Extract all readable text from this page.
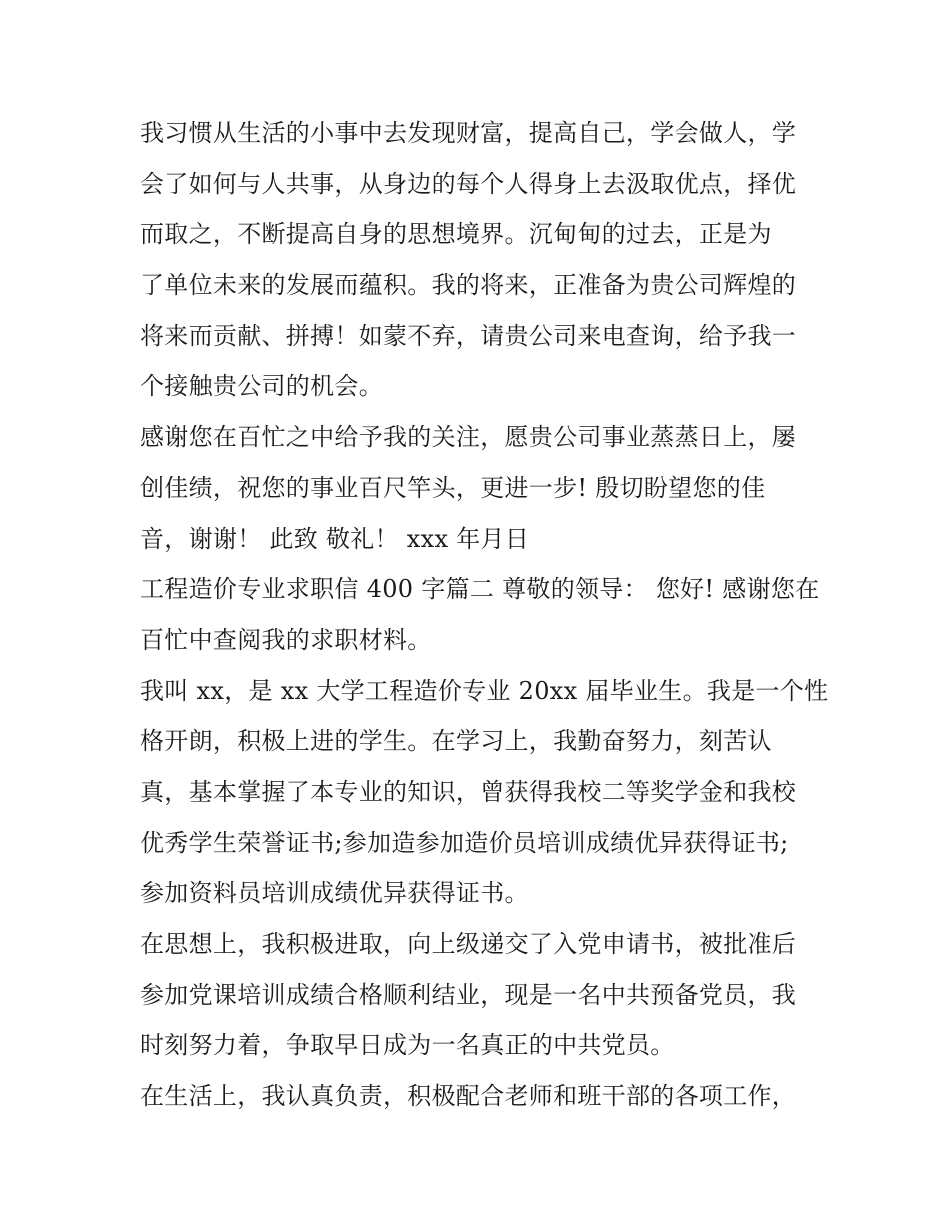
我习惯从生活的小事中去发现财富，提高自己，学会做人，学
会了如何与人共事，从身边的每个人得身上去汲取优点，择优
而取之，不断提高自身的思想境界。沉甸甸的过去，正是为
了单位未来的发展而蕴积。我的将来，正准备为贵公司辉煌的
将来而贡献、拼搏！如蒙不弃，请贵公司来电查询，给予我一
个接触贵公司的机会。
感谢您在百忙之中给予我的关注，愿贵公司事业蒸蒸日上，屡
创佳绩，祝您的事业百尺竿头，更进一步! 殷切盼望您的佳
音，谢谢！ 此致 敬礼！ xxx 年月日
工程造价专业求职信 400 字篇二 尊敬的领导： 您好! 感谢您在
百忙中查阅我的求职材料。
我叫 xx，是 xx 大学工程造价专业 20xx 届毕业生。我是一个性
格开朗，积极上进的学生。在学习上，我勤奋努力，刻苦认
真，基本掌握了本专业的知识，曾获得我校二等奖学金和我校
优秀学生荣誉证书;参加造参加造价员培训成绩优异获得证书;
参加资料员培训成绩优异获得证书。
在思想上，我积极进取，向上级递交了入党申请书，被批准后
参加党课培训成绩合格顺利结业，现是一名中共预备党员，我
时刻努力着，争取早日成为一名真正的中共党员。
在生活上，我认真负责，积极配合老师和班干部的各项工作，
